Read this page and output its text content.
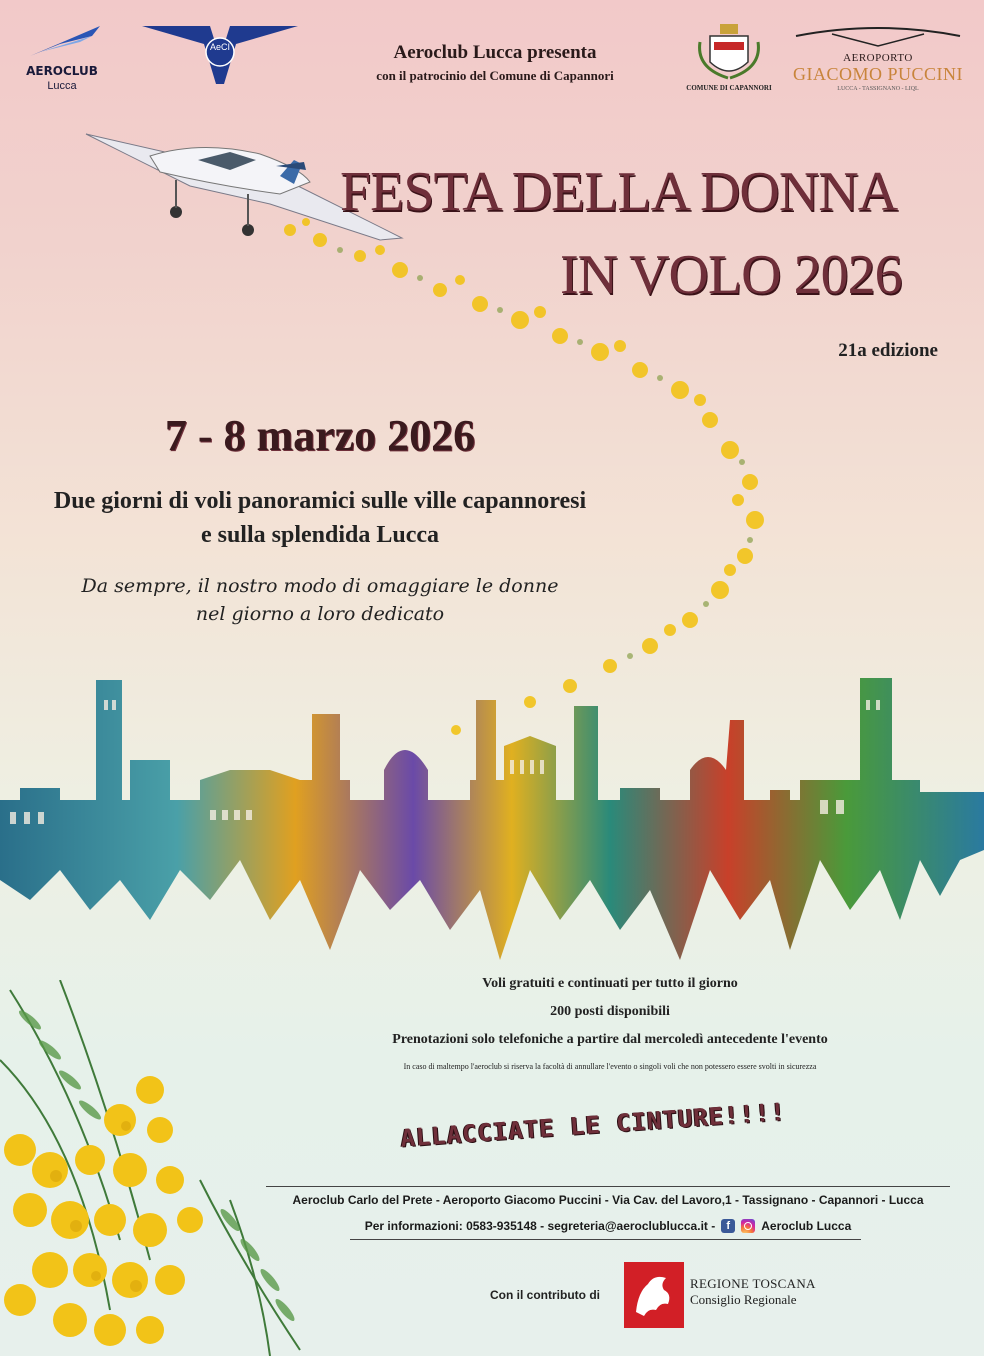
AEROCLUB
Lucca
AeCI	Aeroclub Lucca presenta
con il patrocinio del Comune di Capannori
COMUNE DI CAPANNORI
AEROPORTO
GIACOMO PUCCINI
LUCCA - TASSIGNANO - LIQL
FESTA DELLA DONNA
IN VOLO 2026
21a edizione
7 - 8 marzo 2026
Due giorni di voli panoramici sulle ville capannoresi
e sulla splendida Lucca
Da sempre, il nostro modo di omaggiare le donne
nel giorno a loro dedicato
Voli gratuiti e continuati per tutto il giorno
200 posti disponibili
Prenotazioni solo telefoniche a partire dal mercoledì antecedente l'evento
In caso di maltempo l'aeroclub si riserva la facoltà di annullare l'evento o singoli voli che non potessero essere svolti in sicurezza
ALLACCIATE LE CINTURE!!!!
Aeroclub Carlo del Prete - Aeroporto Giacomo Puccini - Via Cav. del Lavoro,1 - Tassignano - Capannori - Lucca
Per informazioni: 0583-935148 - segreteria@aeroclublucca.it -	f	Aeroclub Lucca
Con il contributo di
REGIONE TOSCANA
Consiglio Regionale
